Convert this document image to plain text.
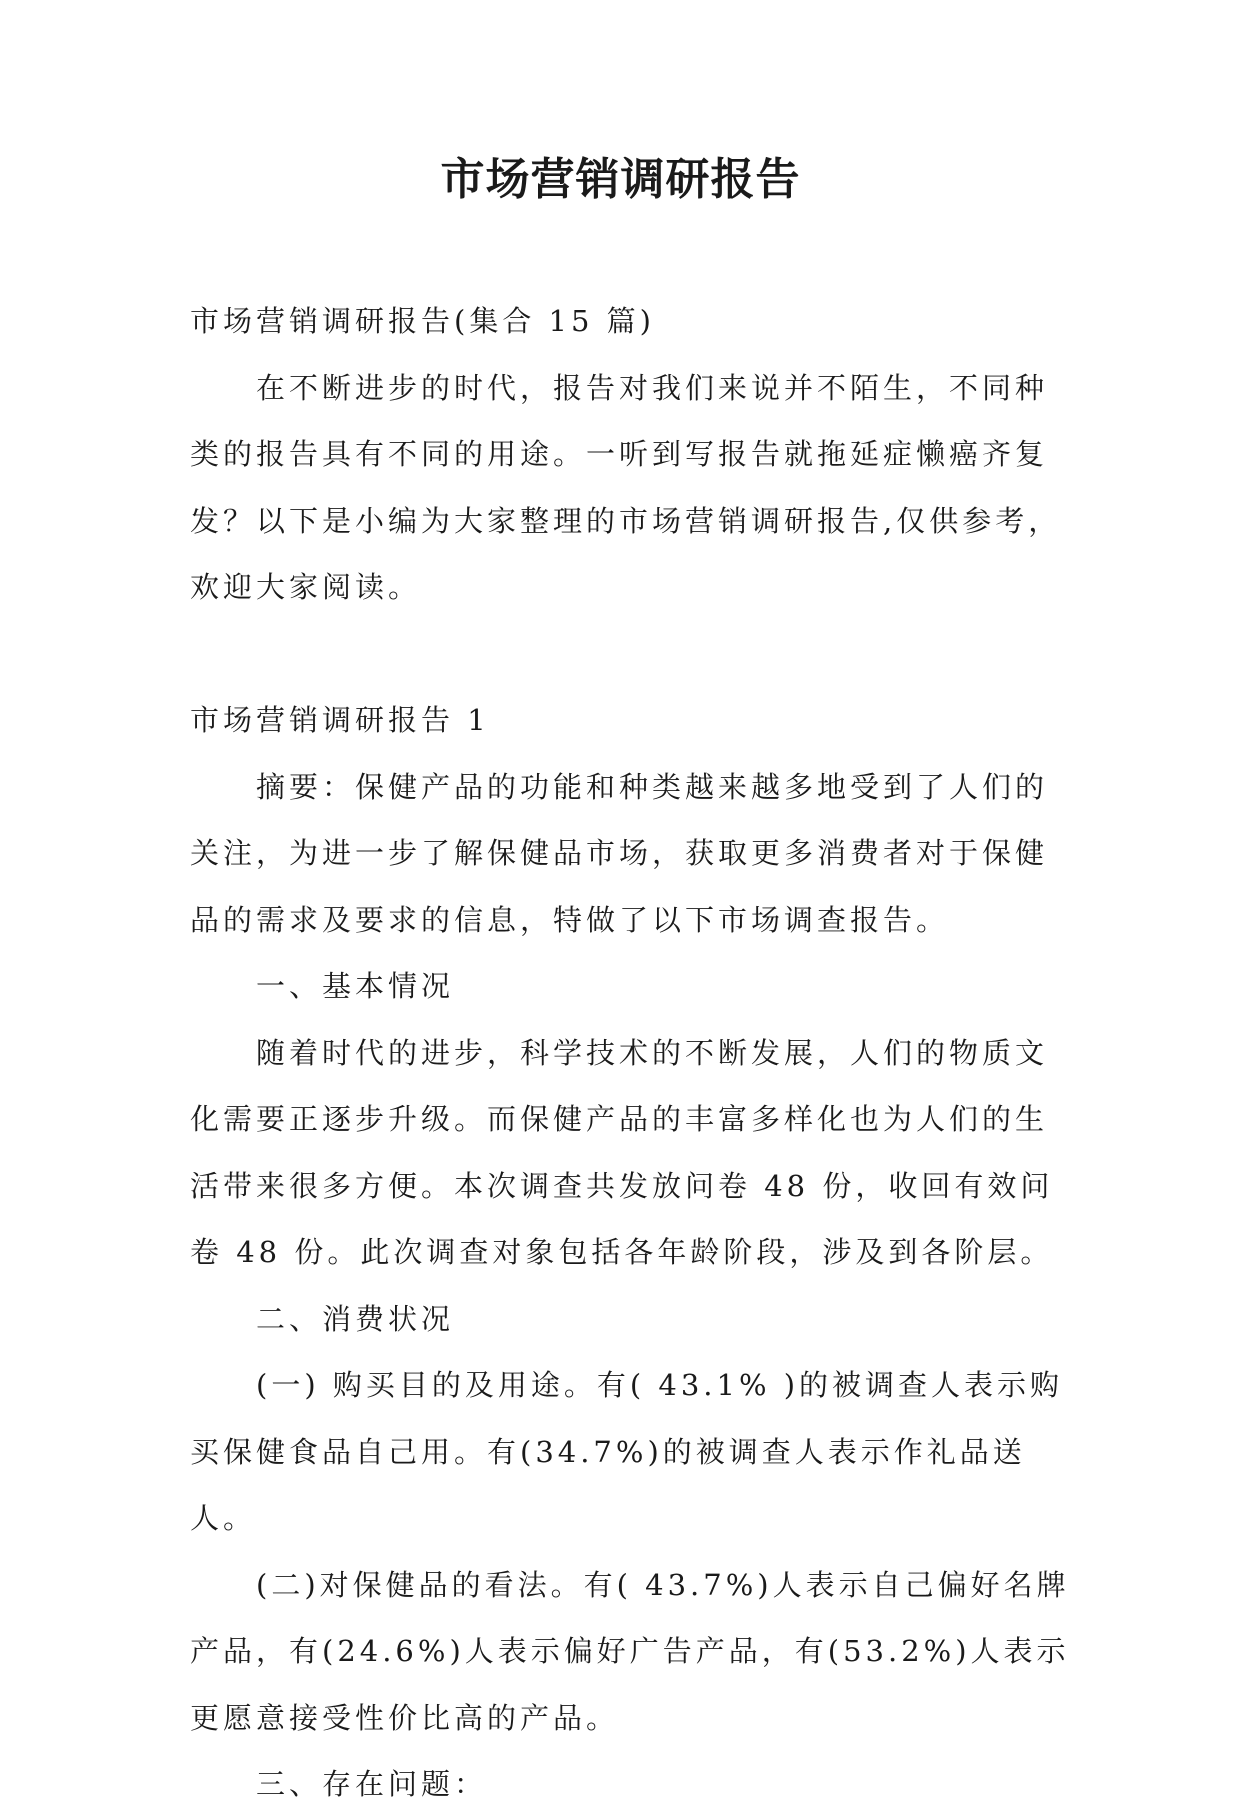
市场营销调研报告

市场营销调研报告(集合 15 篇)

在不断进步的时代，报告对我们来说并不陌生，不同种类的报告具有不同的用途。一听到写报告就拖延症懒癌齐复发？以下是小编为大家整理的市场营销调研报告,仅供参考，欢迎大家阅读。

市场营销调研报告 1

摘要：保健产品的功能和种类越来越多地受到了人们的关注，为进一步了解保健品市场，获取更多消费者对于保健品的需求及要求的信息，特做了以下市场调查报告。

一、基本情况

随着时代的进步，科学技术的不断发展，人们的物质文化需要正逐步升级。而保健产品的丰富多样化也为人们的生活带来很多方便。本次调查共发放问卷 48 份，收回有效问卷 48 份。此次调查对象包括各年龄阶段，涉及到各阶层。

二、消费状况

(一) 购买目的及用途。有( 43.1% )的被调查人表示购买保健食品自己用。有(34.7%)的被调查人表示作礼品送人。

(二)对保健品的看法。有( 43.7%)人表示自己偏好名牌产品，有(24.6%)人表示偏好广告产品，有(53.2%)人表示更愿意接受性价比高的产品。

三、存在问题：
